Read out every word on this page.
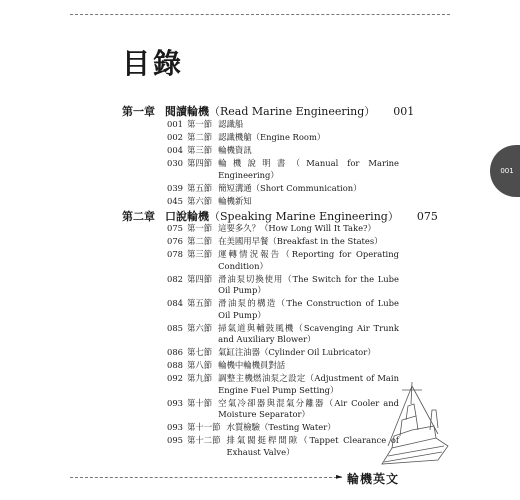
目錄
001
第一章 閱讀輪機（Read Marine Engineering） 001
001 第一節 認識船
002 第二節 認識機艙（Engine Room）
004 第三節 輪機資訊
030 第四節 輪機說明書（Manual for Marine Engineering）
039 第五節 簡短溝通（Short Communication）
045 第六節 輪機新知
第二章 口說輪機（Speaking Marine Engineering） 075
075 第一節 這要多久？（How Long Will It Take?）
076 第二節 在美國用早餐（Breakfast in the States）
078 第三節 運轉情況報告（Reporting for Operating Condition）
082 第四節 滑油泵切換使用（The Switch for the Lube Oil Pump）
084 第五節 滑油泵的構造（The Construction of Lube Oil Pump）
085 第六節 掃氣道與輔鼓風機（Scavenging Air Trunk and Auxiliary Blower）
086 第七節 氣缸注油器（Cylinder Oil Lubricator）
088 第八節 輪機中輪機員對話
092 第九節 調整主機燃油泵之設定（Adjustment of Main Engine Fuel Pump Setting）
093 第十節 空氣冷卻器與混氣分離器（Air Cooler and Moisture Separator）
093 第十一節 水質檢驗（Testing Water）
095 第十二節 排氣閥挺桿間隙（Tappet Clearance of Exhaust Valve）
► 輪機英文
